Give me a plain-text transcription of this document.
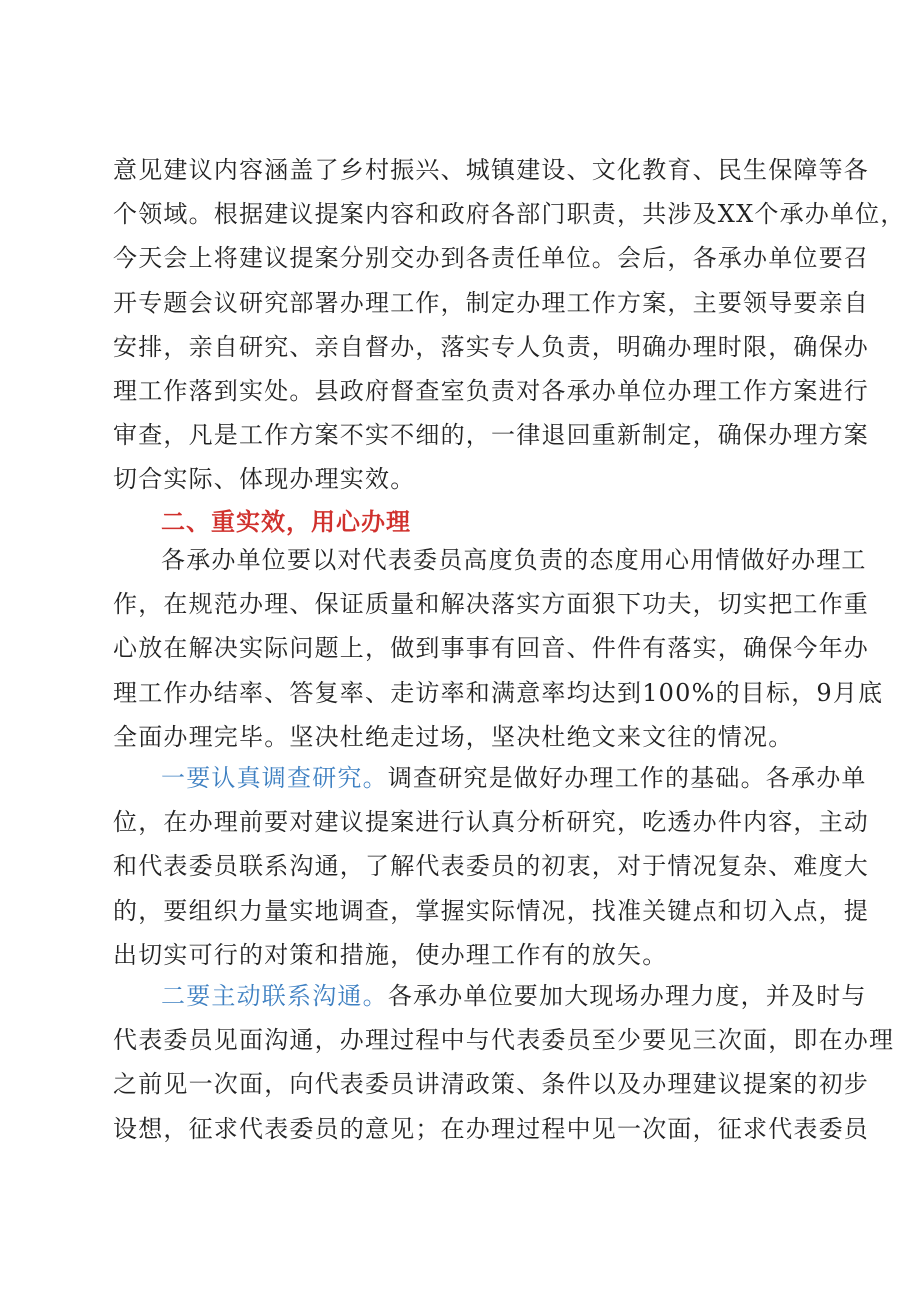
意见建议内容涵盖了乡村振兴、城镇建设、文化教育、民生保障等各
个领域。根据建议提案内容和政府各部门职责，共涉及XX个承办单位，
今天会上将建议提案分别交办到各责任单位。会后，各承办单位要召
开专题会议研究部署办理工作，制定办理工作方案，主要领导要亲自
安排，亲自研究、亲自督办，落实专人负责，明确办理时限，确保办
理工作落到实处。县政府督查室负责对各承办单位办理工作方案进行
审查，凡是工作方案不实不细的，一律退回重新制定，确保办理方案
切合实际、体现办理实效。
二、重实效，用心办理
各承办单位要以对代表委员高度负责的态度用心用情做好办理工
作，在规范办理、保证质量和解决落实方面狠下功夫，切实把工作重
心放在解决实际问题上，做到事事有回音、件件有落实，确保今年办
理工作办结率、答复率、走访率和满意率均达到100%的目标，9月底
全面办理完毕。坚决杜绝走过场，坚决杜绝文来文往的情况。
一要认真调查研究。调查研究是做好办理工作的基础。各承办单
位，在办理前要对建议提案进行认真分析研究，吃透办件内容，主动
和代表委员联系沟通，了解代表委员的初衷，对于情况复杂、难度大
的，要组织力量实地调查，掌握实际情况，找准关键点和切入点，提
出切实可行的对策和措施，使办理工作有的放矢。
二要主动联系沟通。各承办单位要加大现场办理力度，并及时与
代表委员见面沟通，办理过程中与代表委员至少要见三次面，即在办理
之前见一次面，向代表委员讲清政策、条件以及办理建议提案的初步
设想，征求代表委员的意见；在办理过程中见一次面，征求代表委员
